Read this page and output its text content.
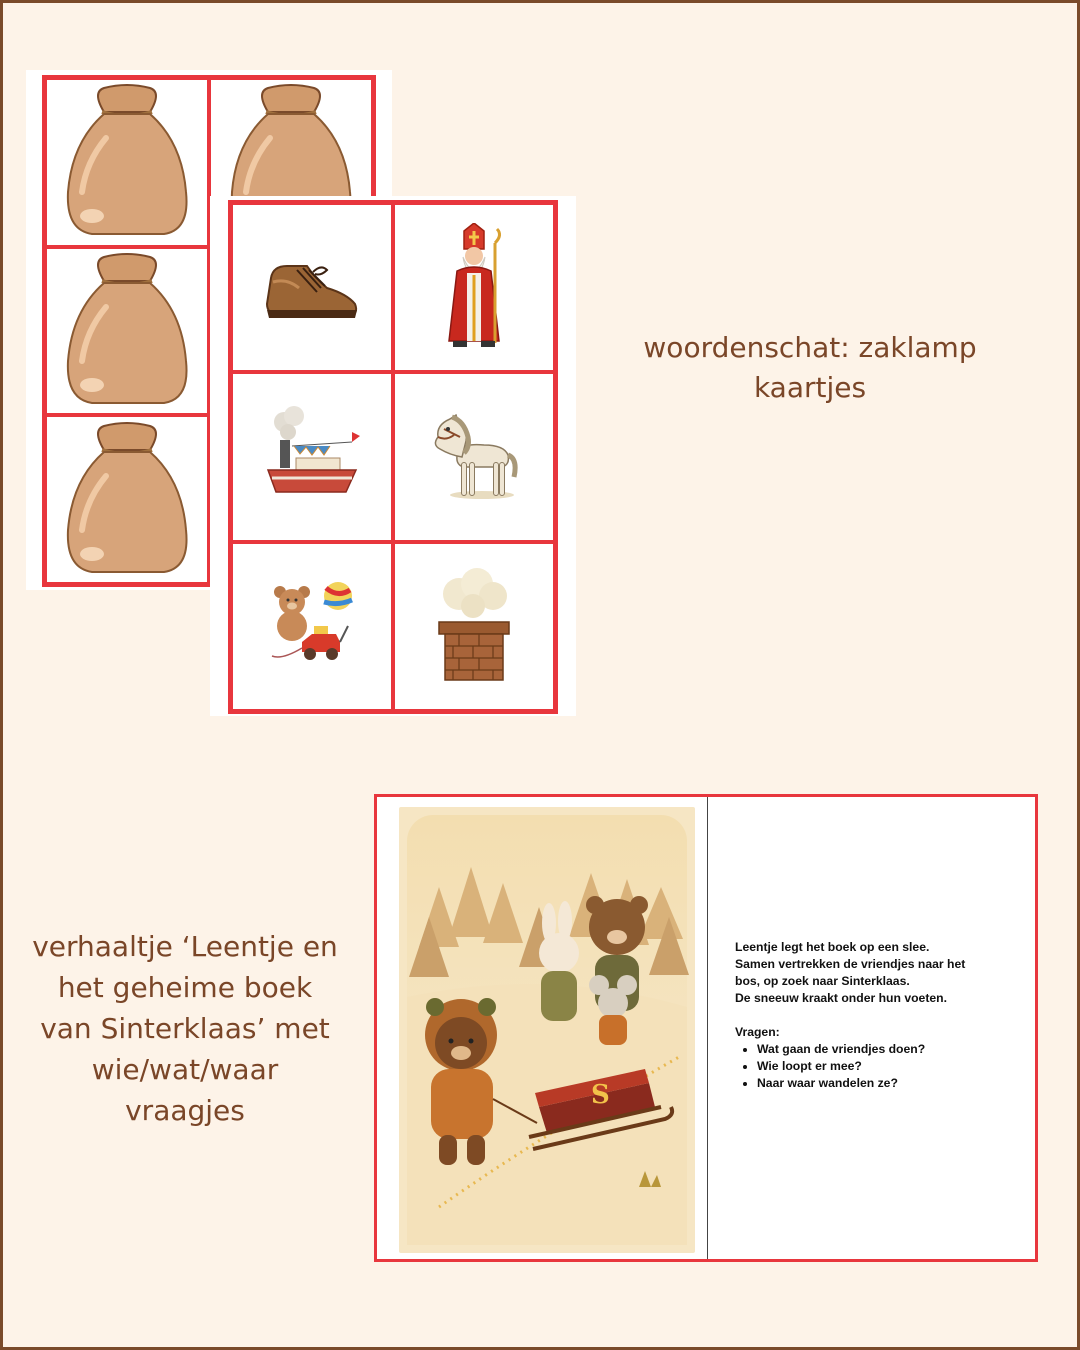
woordenschat: zaklamp
kaartjes
verhaaltje ‘Leentje en
het geheime boek
van Sinterklaas’ met
wie/wat/waar
vraagjes	S

Leentje legt het boek op een slee.

Samen vertrekken de vriendjes naar het

bos, op zoek naar Sinterklaas.

De sneeuw kraakt onder hun voeten.

Vragen:

• Wat gaan de vriendjes doen?
• Wie loopt er mee?
• Naar waar wandelen ze?
